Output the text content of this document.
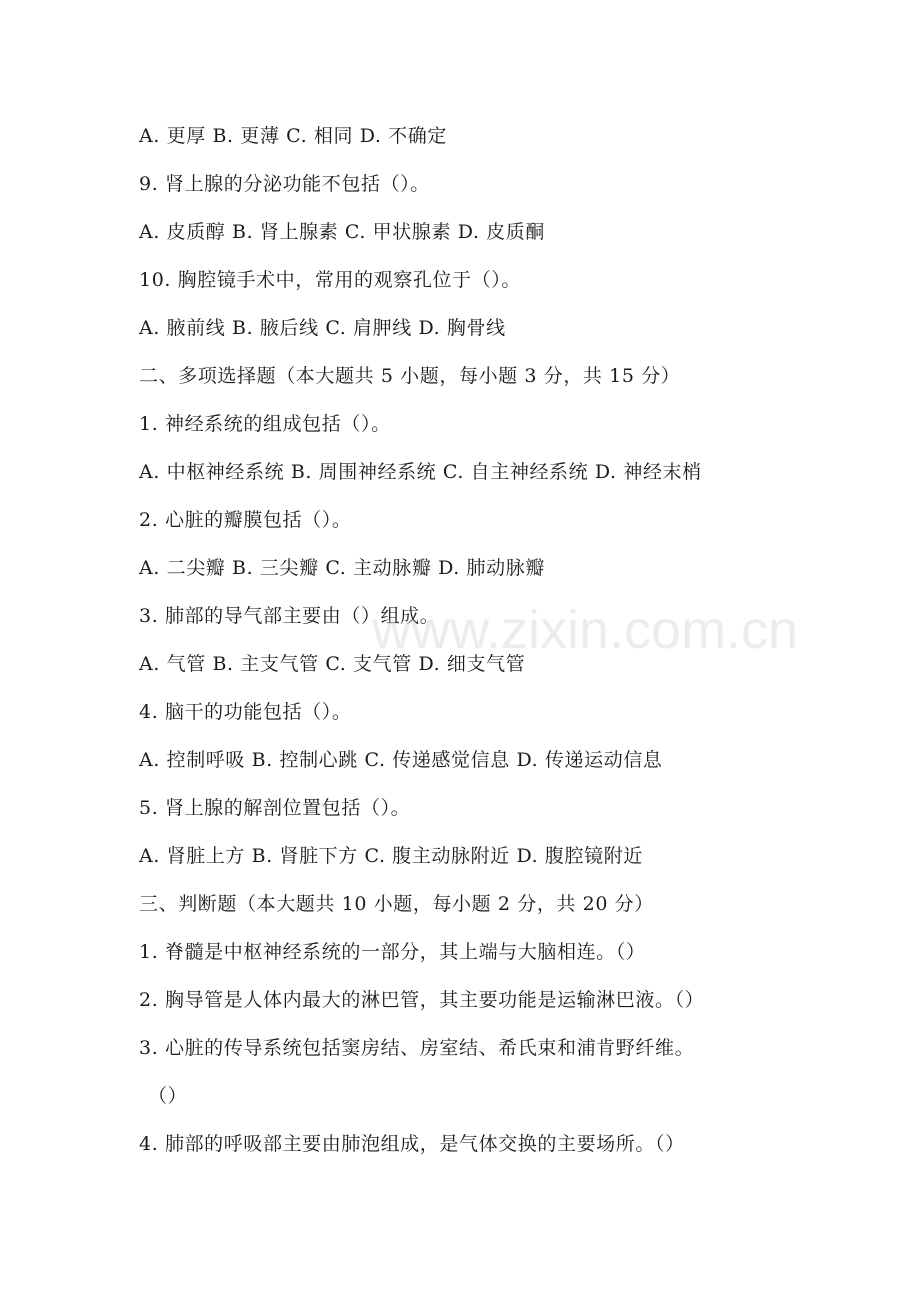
A. 更厚 B. 更薄 C. 相同 D. 不确定
9. 肾上腺的分泌功能不包括（）。
A. 皮质醇 B. 肾上腺素 C. 甲状腺素 D. 皮质酮
10. 胸腔镜手术中，常用的观察孔位于（）。
A. 腋前线 B. 腋后线 C. 肩胛线 D. 胸骨线
二、多项选择题（本大题共 5 小题，每小题 3 分，共 15 分）
1. 神经系统的组成包括（）。
A. 中枢神经系统 B. 周围神经系统 C. 自主神经系统 D. 神经末梢
2. 心脏的瓣膜包括（）。
A. 二尖瓣 B. 三尖瓣 C. 主动脉瓣 D. 肺动脉瓣
3. 肺部的导气部主要由（）组成。
A. 气管 B. 主支气管 C. 支气管 D. 细支气管
4. 脑干的功能包括（）。
A. 控制呼吸 B. 控制心跳 C. 传递感觉信息 D. 传递运动信息
5. 肾上腺的解剖位置包括（）。
A. 肾脏上方 B. 肾脏下方 C. 腹主动脉附近 D. 腹腔镜附近
三、判断题（本大题共 10 小题，每小题 2 分，共 20 分）
1. 脊髓是中枢神经系统的一部分，其上端与大脑相连。（）
2. 胸导管是人体内最大的淋巴管，其主要功能是运输淋巴液。（）
3. 心脏的传导系统包括窦房结、房室结、希氏束和浦肯野纤维。
（）
4. 肺部的呼吸部主要由肺泡组成，是气体交换的主要场所。（）
www.zixin.com.cn
